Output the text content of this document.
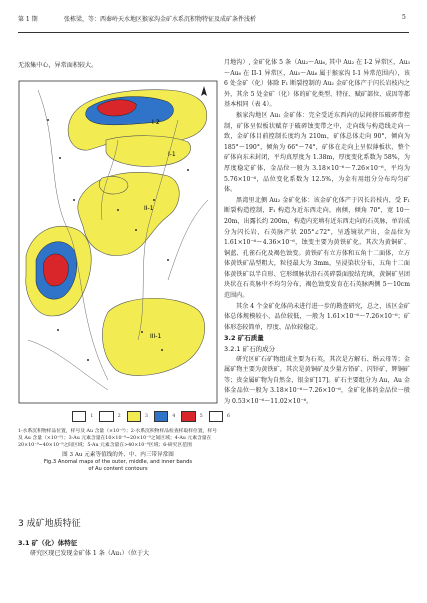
第 1 期	张栋梁，等：西秦岭天水地区猴家沟金矿水系沉积物特征及成矿条件浅析	5

无浓集中心，异常面积较大。

I-2
I-1
II-1
III-1
1	2	3	4	5	6
1-水系沉积物样品位置，样号及 Au 含量（×10⁻⁹）；2-水系沉积物样品检查样取样位置，样号及 Au 含量（×10⁻⁹）；3-Au 元素含量在10×10⁻⁹~20×10⁻⁹之间区域；4-Au 元素含量在 20×10⁻⁹~40×10⁻⁹之间区域；5-Au 元素含量在>40×10⁻⁹区域；6-研究区范围
图 3 Au 元素等值线的外、中、内三带异常图
Fig.3 Anomal maps of the outer, middle, and inner bands
of Au content contours
3 成矿地质特征
3.1 矿（化）体特征

研究区现已发现金矿体 1 条（Au₁）（位于大

月地沟）, 金矿化体 5 条（Au₂～Au₆, 其中 Au₂ 在 I-2 异常区，Au₃～Au₆ 在 II-1 异常区，Au₅～Au₆ 属于猴家沟 I-1 异常范围内），该 6 处金矿（化）体除 F₁ 断裂控制的 Au₂ 金矿化体产于闪长岩枝内之外，其余 5 处金矿（化）体的矿化类型、特征、赋矿部位、成因等都基本相同（表 4）。

猴家沟地区 Au₁ 金矿体：完全受近东西向的层间挤压破碎带控制，矿体呈似板状赋存于破碎蚀变带之中，走向线与构造线走向一致，金矿体目前控制长度约为 210m，矿体总体走向 90°，倾向为 185°～190°，倾角为 66°～74°，矿体在走向上呈似薄板状，整个矿体向东未封闭，平均真厚度为 1.38m，厚度变化系数为 58%，为厚度稳定矿体，金品位一般为 3.18×10⁻⁶～7.26×10⁻⁶，平均为 5.76×10⁻⁶，品位变化系数为 12.5%，为金有用组分分布均匀矿体。

黑湾里北侧 Au₂ 金矿化体：该金矿化体产于闪长岩枝内，受 F₁ 断裂构造控制，F₁ 构造为近东西走向，南倾，倾角 70°，宽 10～20m，出露长约 200m，构造内充填有近东西走向的石英脉，单岩成分为闪长岩，石英脉产状 205°∠72°，呈透镜状产出，金品位为 1.61×10⁻⁶～4.36×10⁻⁶，蚀变主要为黄铁矿化，其次为黄铜矿、铜蓝、孔雀石化及褐色蚀变。黄铁矿有立方体和五角十二面体，立方体黄铁矿晶型粗大，粒径最大为 3mm，呈浸染状分布，五角十二面体黄铁矿以半自形、它形细脉状沿石英碎裂面胶结充填，黄铜矿呈团块状在石英脉中不均匀分布，褐色蚀变发育在石英脉两侧 5～10cm 范围内。

其余 4 个金矿化体尚未进行进一步的勘查研究，总之，该区金矿体总体规模较小，品位较低，一般为 1.61×10⁻⁶～7.26×10⁻⁶；矿体形态较简单，厚度、品位较稳定。

3.2 矿石质量
3.2.1 矿石的成分

研究区矿石矿物组成主要为石英，其次是方解石、绢云母等；金属矿物主要为黄铁矿，其次是黄铜矿及少量方铅矿、闪锌矿、辉铜矿等；贵金属矿物为自然金、银金矿[17]。矿石主要组分为 Au，Au 金体金品位一般为 3.18×10⁻⁶～7.26×10⁻⁶，金矿化体的金品位一般为 0.53×10⁻⁶～11.02×10⁻⁶。
